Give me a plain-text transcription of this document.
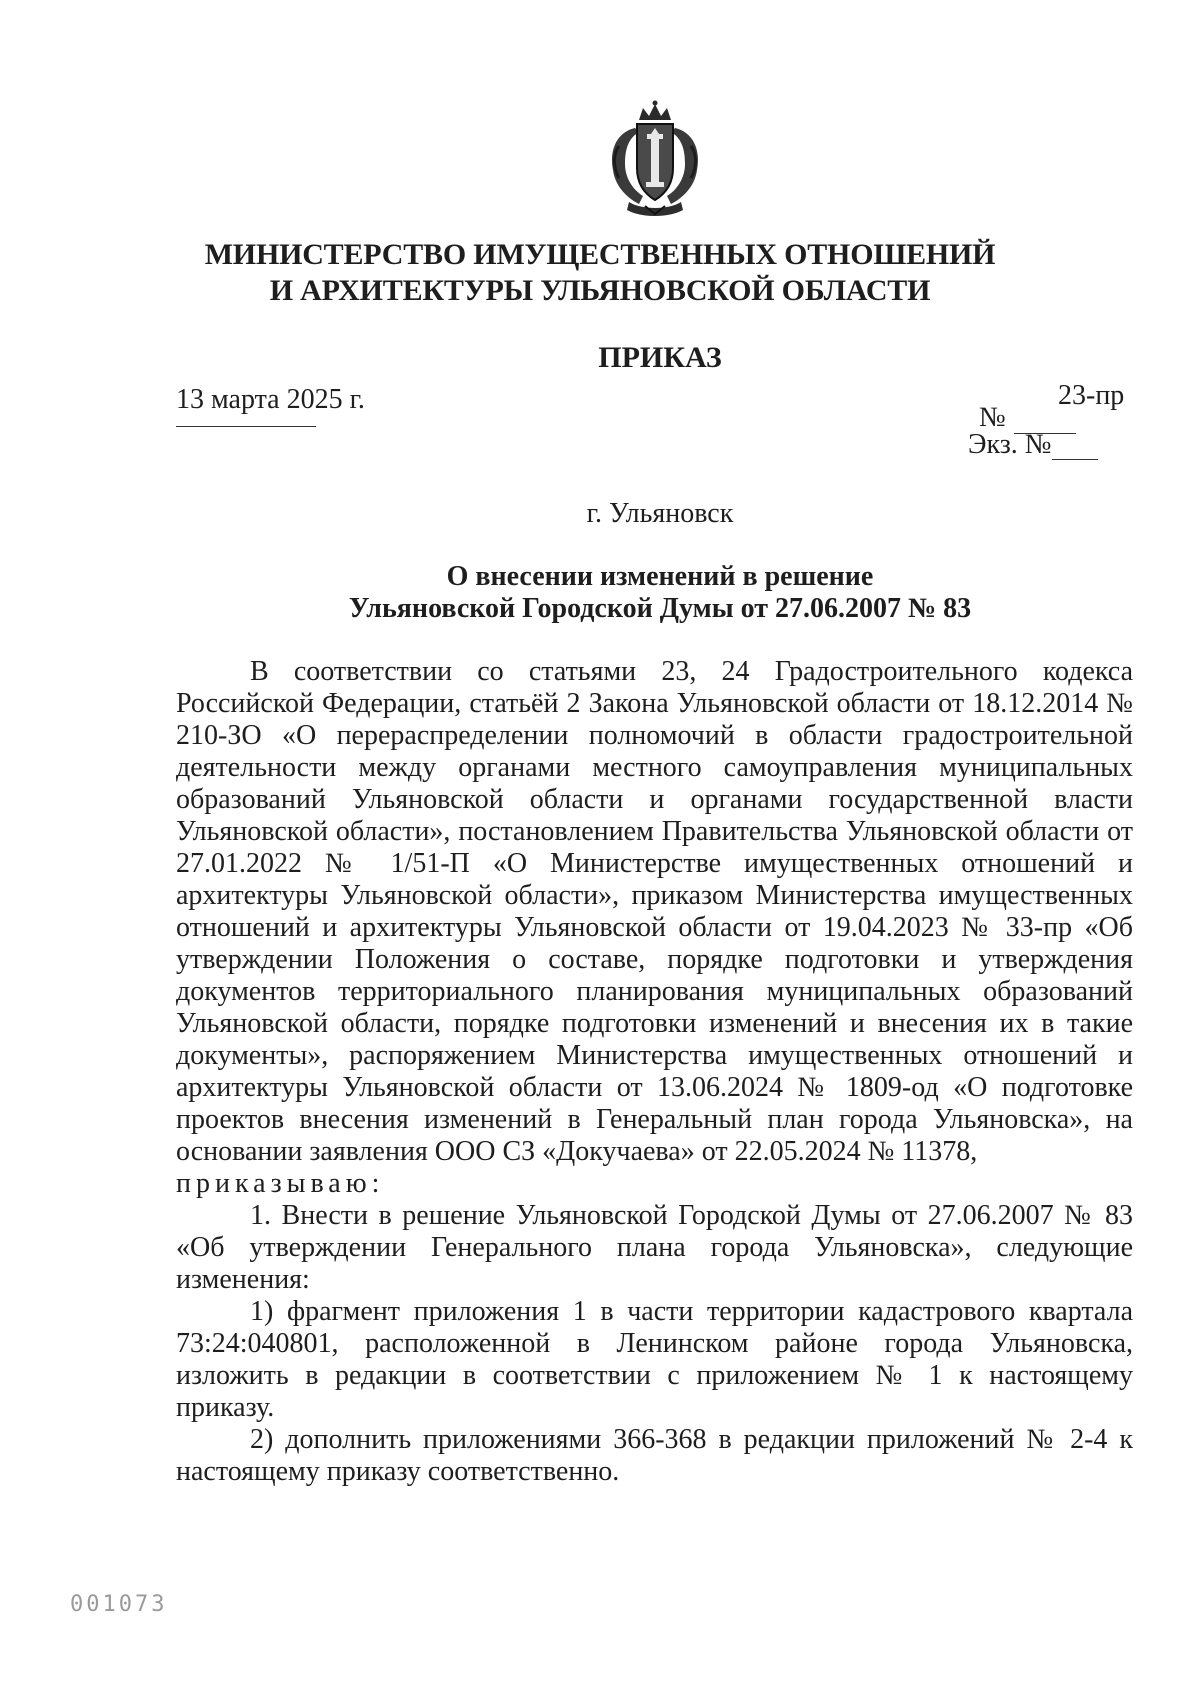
МИНИСТЕРСТВО ИМУЩЕСТВЕННЫХ ОТНОШЕНИЙ
И АРХИТЕКТУРЫ УЛЬЯНОВСКОЙ ОБЛАСТИ
ПРИКАЗ
13 марта 2025 г.	23-пр
№
Экз. №
г. Ульяновск
О внесении изменений в решение
Ульяновской Городской Думы от 27.06.2007 № 83

В соответствии со статьями 23, 24 Градостроительного кодекса Российской Федерации, статьёй 2 Закона Ульяновской области от 18.12.2014 № 210-ЗО «О перераспределении полномочий в области градостроительной деятельности между органами местного самоуправления муниципальных образований Ульяновской области и органами государственной власти Ульяновской области», постановлением Правительства Ульяновской области от 27.01.2022 № 1/51-П «О Министерстве имущественных отношений и архитектуры Ульяновской области», приказом Министерства имущественных отношений и архитектуры Ульяновской области от 19.04.2023 № 33-пр «Об утверждении Положения о составе, порядке подготовки и утверждения документов территориального планирования муниципальных образований Ульяновской области, порядке подготовки изменений и внесения их в такие документы», распоряжением Министерства имущественных отношений и архитектуры Ульяновской области от 13.06.2024 № 1809-од «О подготовке проектов внесения изменений в Генеральный план города Ульяновска», на основании заявления ООО СЗ «Докучаева» от 22.05.2024 № 11378,

приказываю:

1. Внести в решение Ульяновской Городской Думы от 27.06.2007 № 83 «Об утверждении Генерального плана города Ульяновска», следующие изменения:

1) фрагмент приложения 1 в части территории кадастрового квартала 73:24:040801, расположенной в Ленинском районе города Ульяновска, изложить в редакции в соответствии с приложением № 1 к настоящему приказу.

2) дополнить приложениями 366-368 в редакции приложений № 2-4 к настоящему приказу соответственно.

001073
